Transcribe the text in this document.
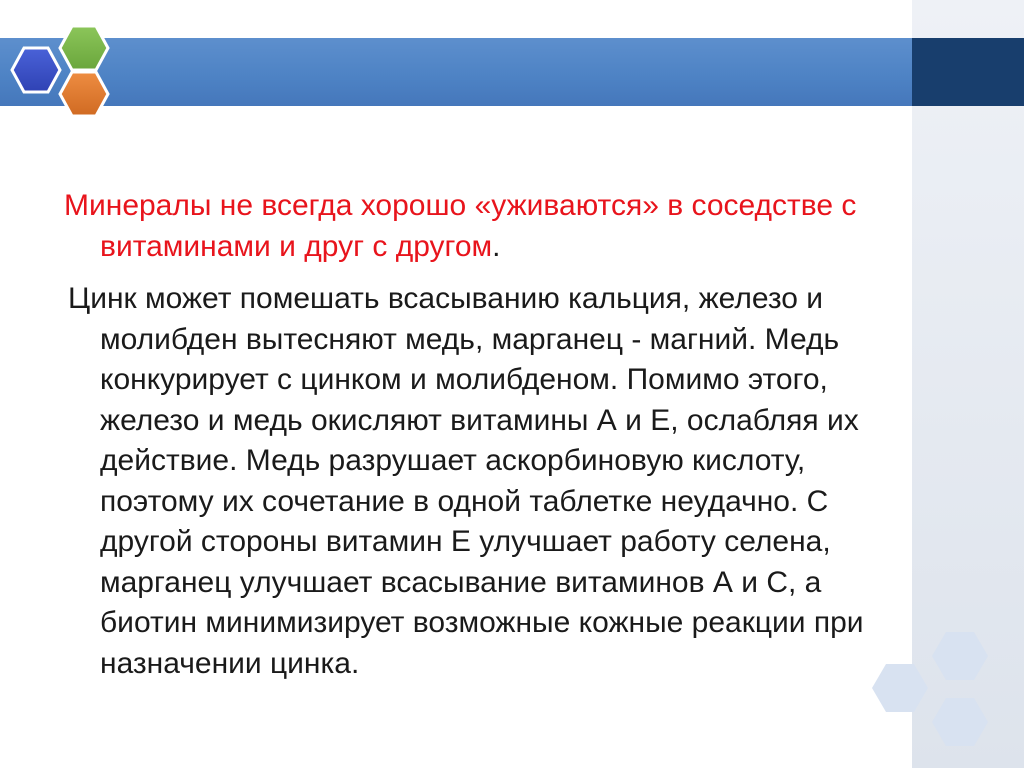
Минералы не всегда хорошо «уживаются» в соседстве с витаминами и друг с другом.

Цинк может помешать всасыванию кальция, железо и молибден вытесняют медь, марганец - магний. Медь конкурирует с цинком и молибденом. Помимо этого, железо и медь окисляют витамины А и Е, ослабляя их действие. Медь разрушает аскорбиновую кислоту, поэтому их сочетание в одной таблетке неудачно. С другой стороны витамин Е улучшает работу селена, марганец улучшает всасывание витаминов А и С, а биотин минимизирует возможные кожные реакции при назначении цинка.
